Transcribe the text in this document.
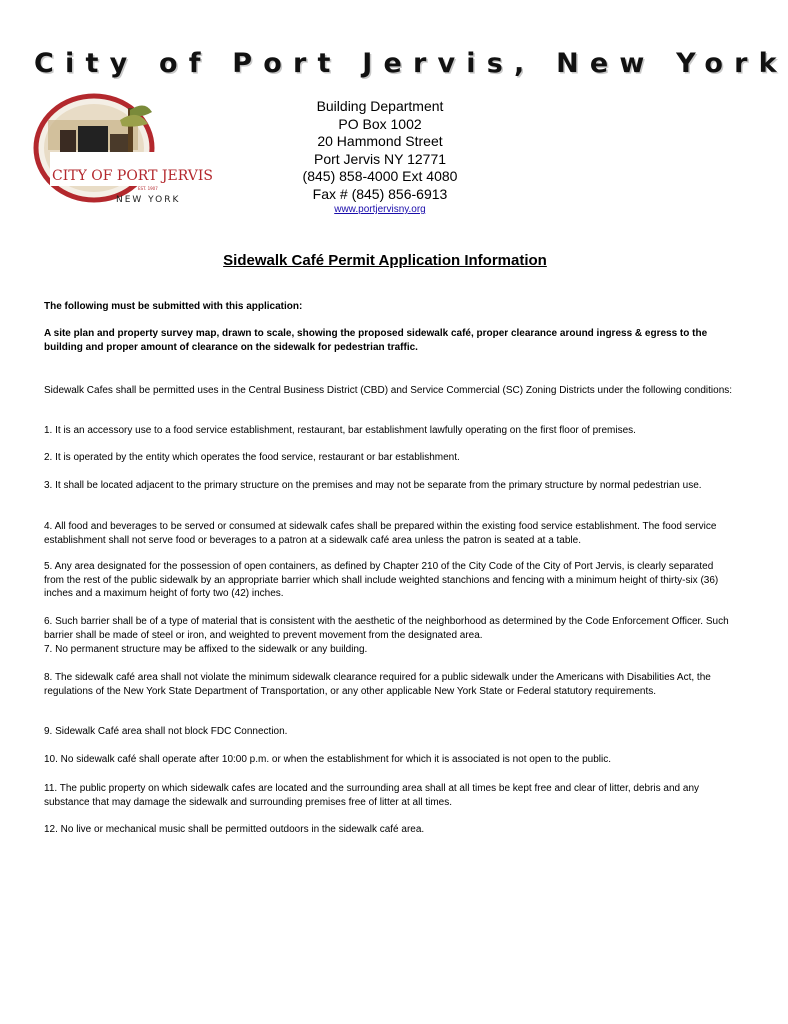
City of Port Jervis, New York
CITY OF PORT JERVIS
EST. 1907
NEW YORK
Building Department
PO Box 1002
20 Hammond Street
Port Jervis NY 12771
(845) 858-4000 Ext 4080
Fax # (845) 856-6913
www.portjervisny.org
Sidewalk Café Permit Application Information
The following must be submitted with this application:
A site plan and property survey map, drawn to scale, showing the proposed sidewalk café, proper clearance around ingress & egress to the building and proper amount of clearance on the sidewalk for pedestrian traffic.
Sidewalk Cafes shall be permitted uses in the Central Business District (CBD) and Service Commercial (SC) Zoning Districts under the following conditions:
1. It is an accessory use to a food service establishment, restaurant, bar establishment lawfully operating on the first floor of premises.
2. It is operated by the entity which operates the food service, restaurant or bar establishment.
3. It shall be located adjacent to the primary structure on the premises and may not be separate from the primary structure by normal pedestrian use.
4. All food and beverages to be served or consumed at sidewalk cafes shall be prepared within the existing food service establishment. The food service establishment shall not serve food or beverages to a patron at a sidewalk café area unless the patron is seated at a table.
5. Any area designated for the possession of open containers, as defined by Chapter 210 of the City Code of the City of Port Jervis, is clearly separated from the rest of the public sidewalk by an appropriate barrier which shall include weighted stanchions and fencing with a minimum height of thirty-six (36) inches and a maximum height of forty two (42) inches.
6. Such barrier shall be of a type of material that is consistent with the aesthetic of the neighborhood as determined by the Code Enforcement Officer. Such barrier shall be made of steel or iron, and weighted to prevent movement from the designated area.
7. No permanent structure may be affixed to the sidewalk or any building.
8. The sidewalk café area shall not violate the minimum sidewalk clearance required for a public sidewalk under the Americans with Disabilities Act, the regulations of the New York State Department of Transportation, or any other applicable New York State or Federal statutory requirements.
9. Sidewalk Café area shall not block FDC Connection.
10. No sidewalk café shall operate after 10:00 p.m. or when the establishment for which it is associated is not open to the public.
11. The public property on which sidewalk cafes are located and the surrounding area shall at all times be kept free and clear of litter, debris and any substance that may damage the sidewalk and surrounding premises free of litter at all times.
12. No live or mechanical music shall be permitted outdoors in the sidewalk café area.
